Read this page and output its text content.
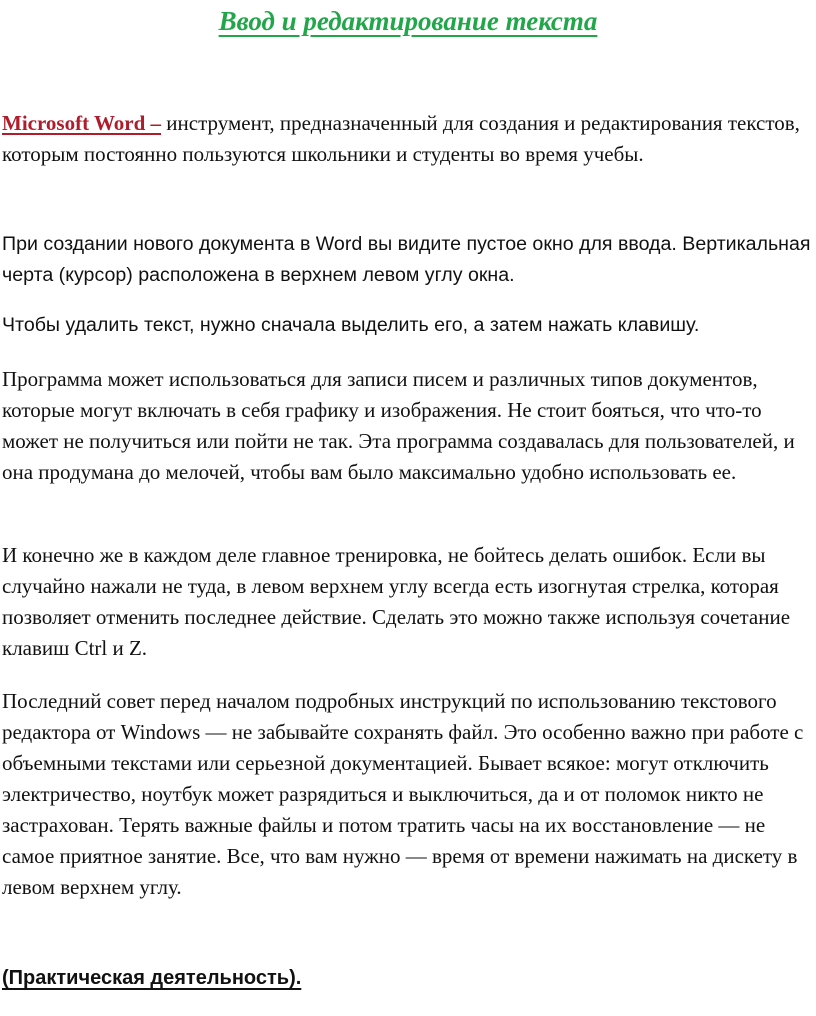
Ввод и редактирование текста

Microsoft Word – инструмент, предназначенный для создания и редактирования текстов, которым постоянно пользуются школьники и студенты во время учебы.

При создании нового документа в Word вы видите пустое окно для ввода. Вертикальная черта (курсор) расположена в верхнем левом углу окна.

Чтобы удалить текст, нужно сначала выделить его, а затем нажать клавишу.

Программа может использоваться для записи писем и различных типов документов, которые могут включать в себя графику и изображения. Не стоит бояться, что что-то может не получиться или пойти не так. Эта программа создавалась для пользователей, и она продумана до мелочей, чтобы вам было максимально удобно использовать ее.

И конечно же в каждом деле главное тренировка, не бойтесь делать ошибок. Если вы случайно нажали не туда, в левом верхнем углу всегда есть изогнутая стрелка, которая позволяет отменить последнее действие. Сделать это можно также используя сочетание клавиш Ctrl и Z.

Последний совет перед началом подробных инструкций по использованию текстового редактора от Windows — не забывайте сохранять файл. Это особенно важно при работе с объемными текстами или серьезной документацией. Бывает всякое: могут отключить электричество, ноутбук может разрядиться и выключиться, да и от поломок никто не застрахован. Терять важные файлы и потом тратить часы на их восстановление — не самое приятное занятие. Все, что вам нужно — время от времени нажимать на дискету в левом верхнем углу.

(Практическая деятельность).
